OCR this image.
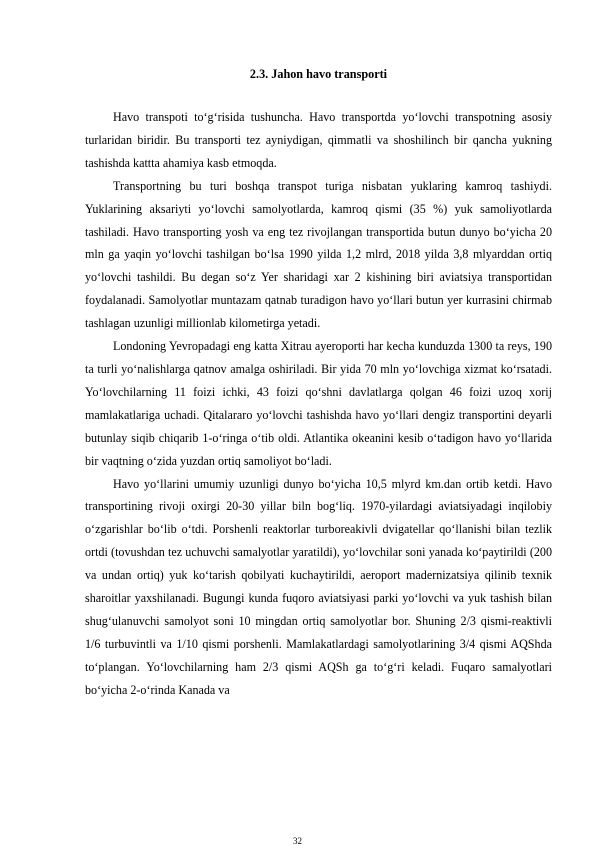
2.3. Jahon havo transporti

Havo transpoti to‘g‘risida tushuncha. Havo transportda yo‘lovchi transpotning asosiy turlaridan biridir. Bu transporti tez ayniydigan, qimmatli va shoshilinch bir qancha yukning tashishda kattta ahamiya kasb etmoqda.

Transportning bu turi boshqa transpot turiga nisbatan yuklaring kamroq tashiydi. Yuklarining aksariyti yo‘lovchi samolyotlarda, kamroq qismi (35 %) yuk samoliyotlarda tashiladi. Havo transporting yosh va eng tez rivojlangan transportida butun dunyo bo‘yicha 20 mln ga yaqin yo‘lovchi tashilgan bo‘lsa 1990 yilda 1,2 mlrd, 2018 yilda 3,8 mlyarddan ortiq yo‘lovchi tashildi. Bu degan so‘z Yer sharidagi xar 2 kishining biri aviatsiya transportidan foydalanadi. Samolyotlar muntazam qatnab turadigon havo yo‘llari butun yer kurrasini chirmab tashlagan uzunligi millionlab kilometirga yetadi.

Londoning Yevropadagi eng katta Xitrau ayeroporti har kecha kunduzda 1300 ta reys, 190 ta turli yo‘nalishlarga qatnov amalga oshiriladi. Bir yida 70 mln yo‘lovchiga xizmat ko‘rsatadi. Yo‘lovchilarning 11 foizi ichki, 43 foizi qo‘shni davlatlarga qolgan 46 foizi uzoq xorij mamlakatlariga uchadi. Qitalararo yo‘lovchi tashishda havo yo‘llari dengiz transportini deyarli butunlay siqib chiqarib 1-o‘ringa o‘tib oldi. Atlantika okeanini kesib o‘tadigon havo yo‘llarida bir vaqtning o‘zida yuzdan ortiq samoliyot bo‘ladi.

Havo yo‘llarini umumiy uzunligi dunyo bo‘yicha 10,5 mlyrd km.dan ortib ketdi. Havo transportining rivoji oxirgi 20-30 yillar biln bog‘liq. 1970-yilardagi aviatsiyadagi inqilobiy o‘zgarishlar bo‘lib o‘tdi. Porshenli reaktorlar turboreakivli dvigatellar qo‘llanishi bilan tezlik ortdi (tovushdan tez uchuvchi samalyotlar yaratildi), yo‘lovchilar soni yanada ko‘paytirildi (200 va undan ortiq) yuk ko‘tarish qobilyati kuchaytirildi, aeroport madernizatsiya qilinib texnik sharoitlar yaxshilanadi. Bugungi kunda fuqoro aviatsiyasi parki yo‘lovchi va yuk tashish bilan shug‘ulanuvchi samolyot soni 10 mingdan ortiq samolyotlar bor. Shuning 2/3 qismi-reaktivli 1/6 turbuvintli va 1/10 qismi porshenli. Mamlakatlardagi samolyotlarining 3/4 qismi AQShda to‘plangan. Yo‘lovchilarning ham 2/3 qismi AQSh ga to‘g‘ri keladi. Fuqaro samalyotlari bo‘yicha 2-o‘rinda Kanada va

32
